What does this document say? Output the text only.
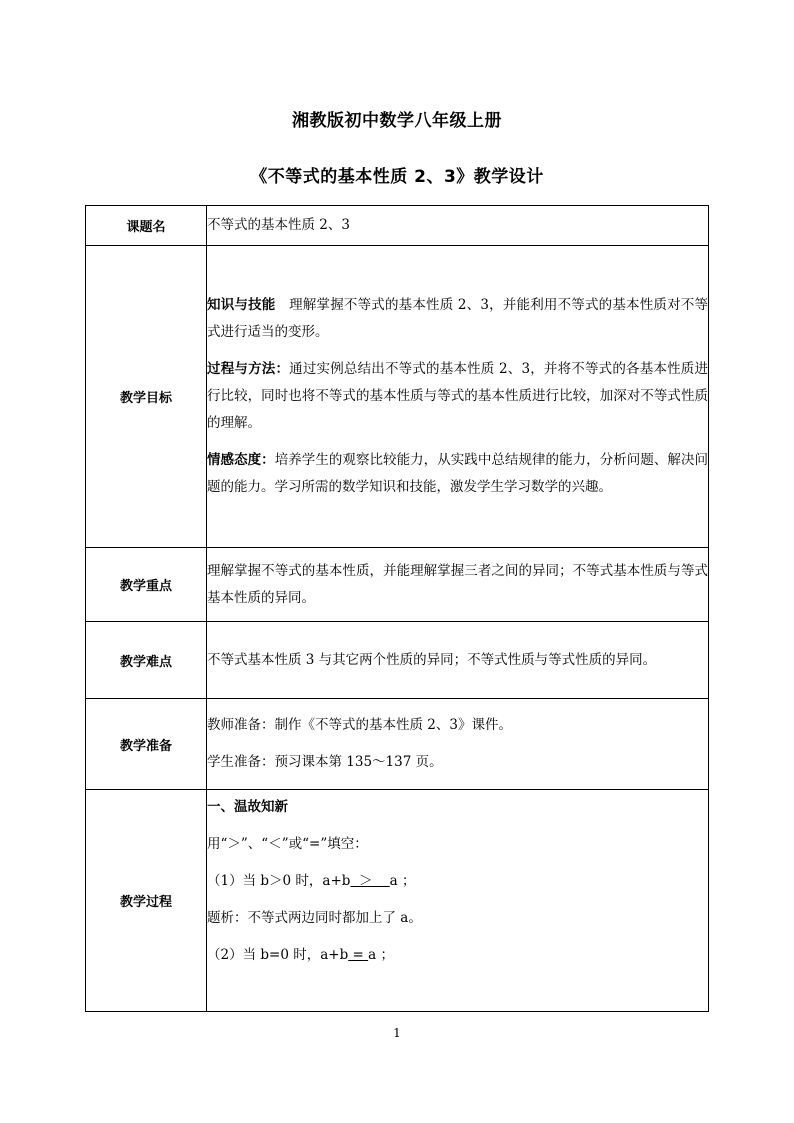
湘教版初中数学八年级上册
《不等式的基本性质 2、3》教学设计
课题名	不等式的基本性质 2、3
教学目标	知识与技能　理解掌握不等式的基本性质 2、3，并能利用不等式的基本性质对不等式进行适当的变形。

过程与方法：通过实例总结出不等式的基本性质 2、3，并将不等式的各基本性质进行比较，同时也将不等式的基本性质与等式的基本性质进行比较，加深对不等式性质的理解。

情感态度：培养学生的观察比较能力，从实践中总结规律的能力，分析问题、解决问题的能力。学习所需的数学知识和技能，激发学生学习数学的兴趣。

教学重点	理解掌握不等式的基本性质，并能理解掌握三者之间的异同；不等式基本性质与等式基本性质的异同。
教学难点	不等式基本性质 3 与其它两个性质的异同；不等式性质与等式性质的异同。
教学准备	教师准备：制作《不等式的基本性质 2、3》课件。

学生准备：预习课本第 135～137 页。

教学过程	一、温故知新

用“＞”、“＜”或“=”填空：

（1）当 b＞0 时，a+b ＞ a ；

题析：不等式两边同时都加上了 a。

（2）当 b=0 时，a+b = a ；

1
